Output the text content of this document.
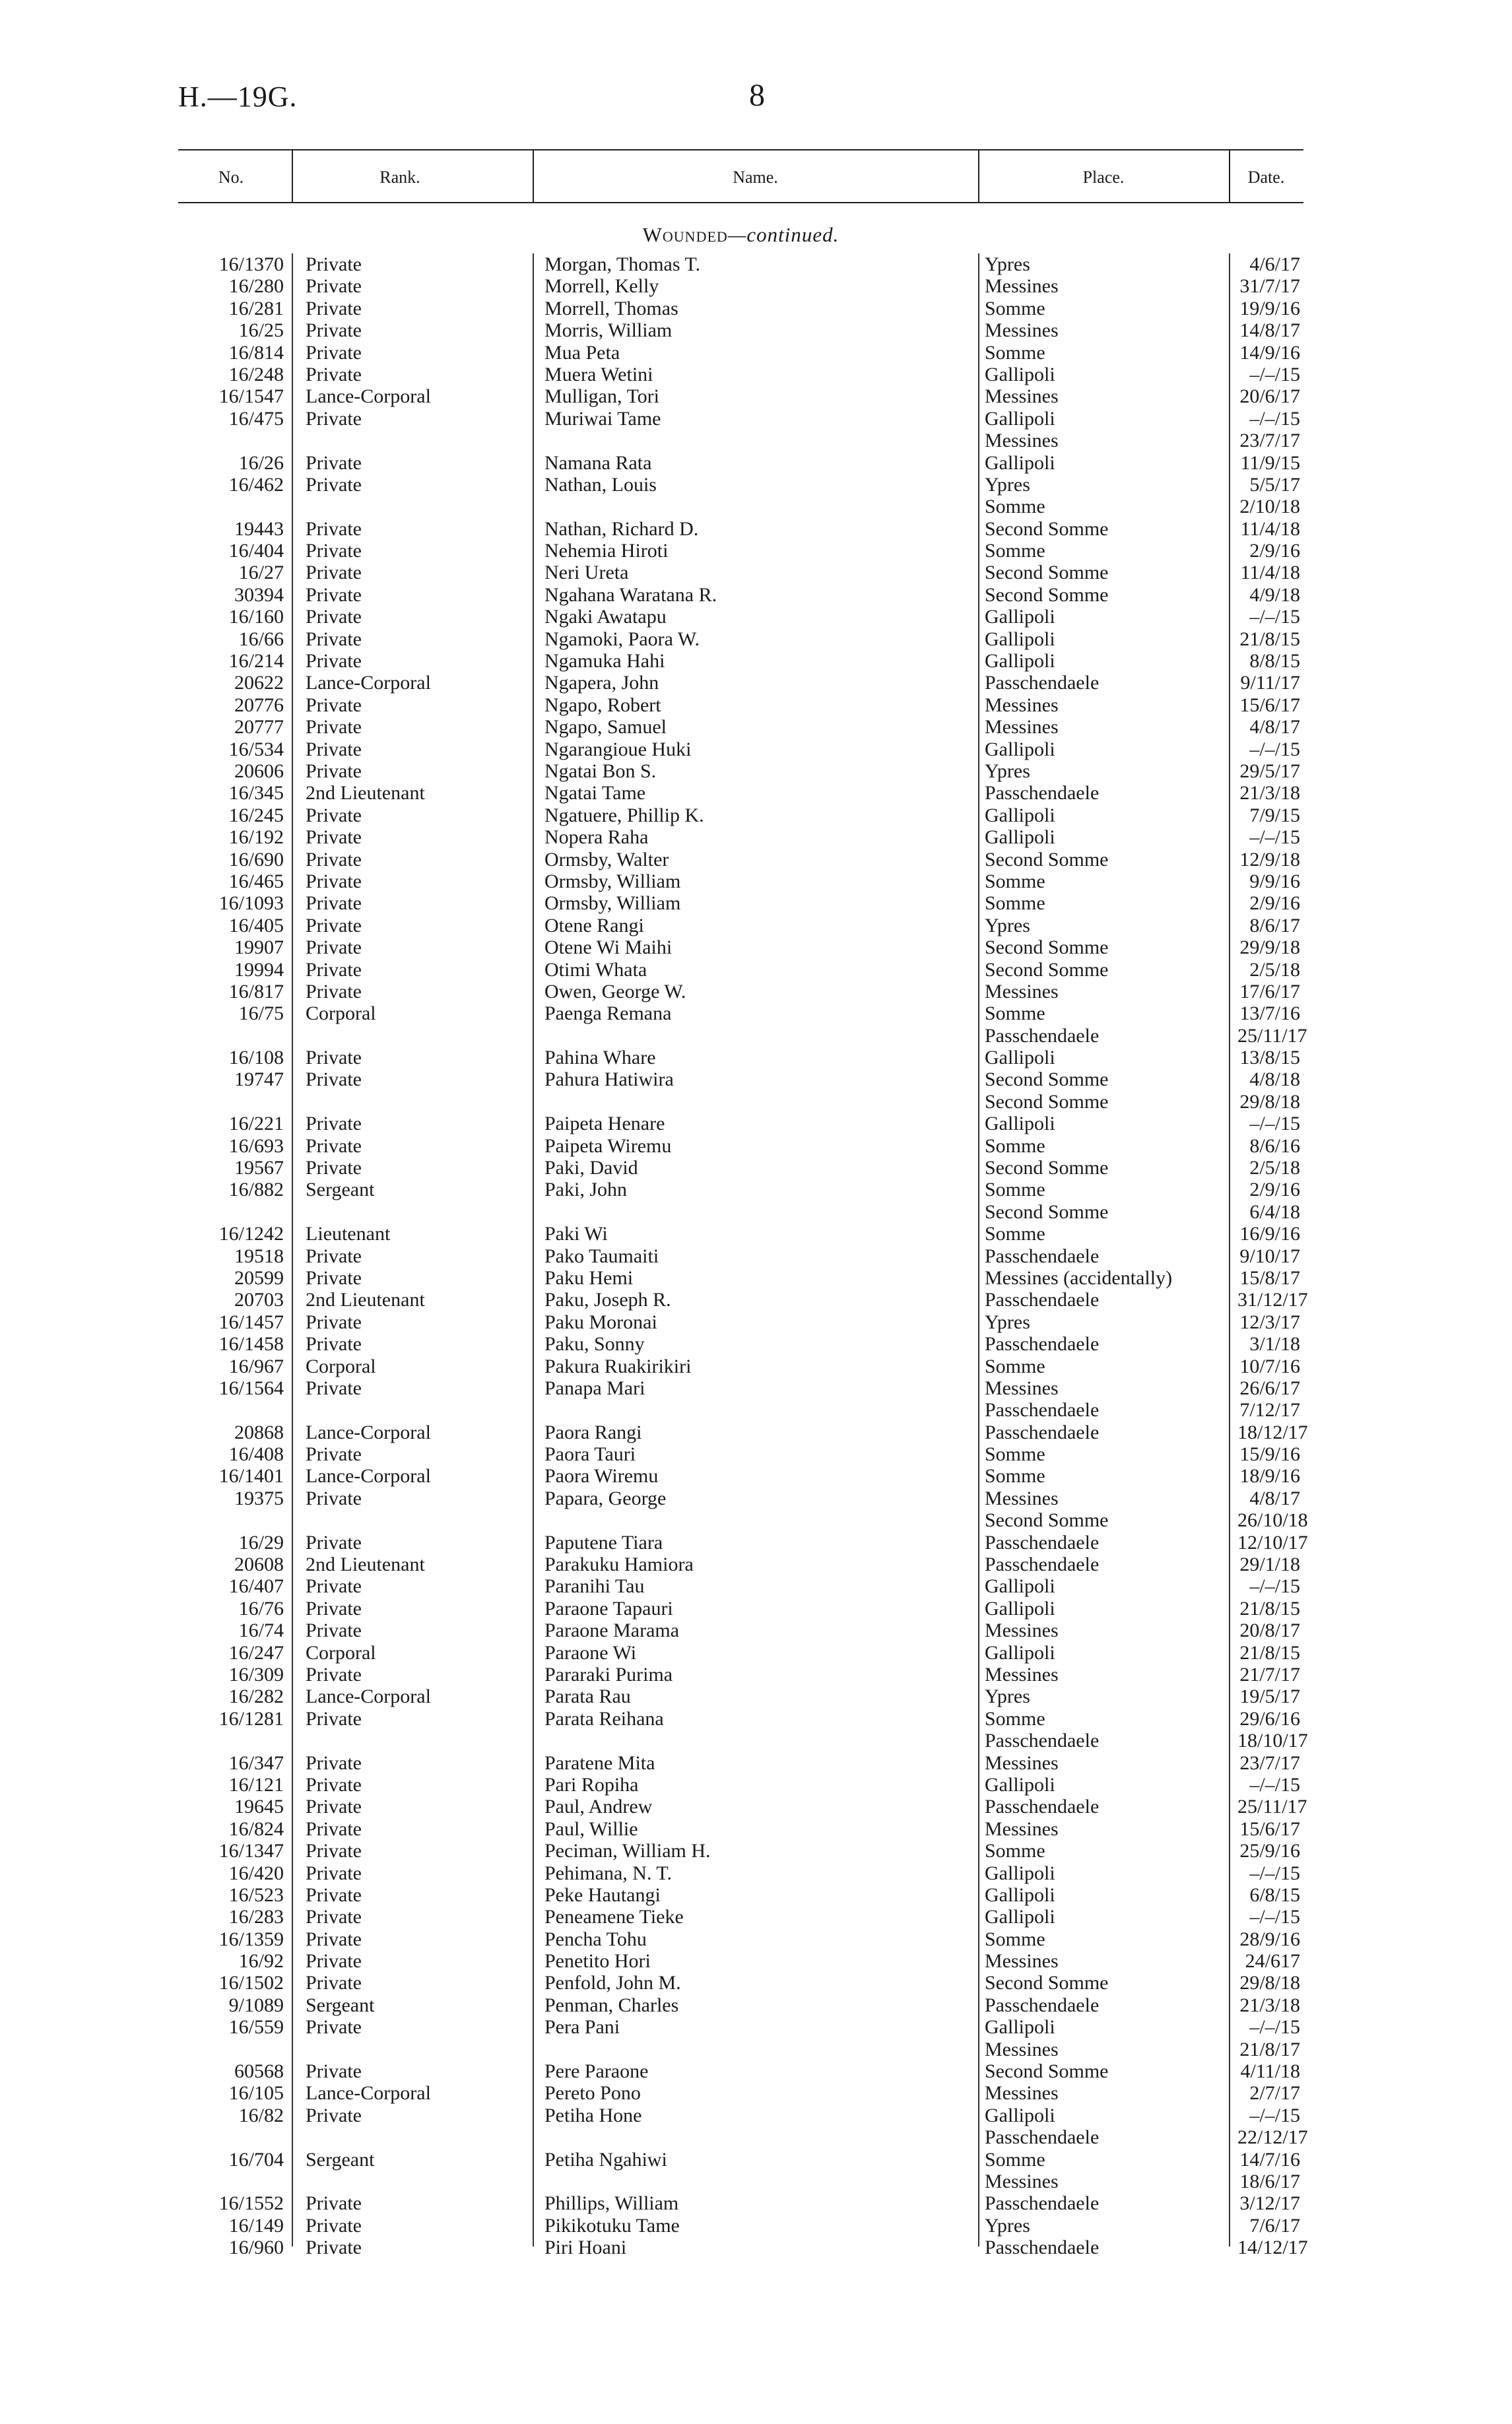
H.—19G.	8
No.	Rank.	Name.	Place.	Date.
Wounded—continued.
16/1370 Private	Morgan, Thomas T.	Ypres	4/6/17
16/280 Private	Morrell, Kelly	Messines	31/7/17
16/281 Private	Morrell, Thomas	Somme	19/9/16
16/25 Private	Morris, William	Messines	14/8/17
16/814 Private	Mua Peta	Somme	14/9/16
16/248 Private	Muera Wetini	Gallipoli	–/–/15
16/1547 Lance-Corporal	Mulligan, Tori	Messines	20/6/17
16/475 Private	Muriwai Tame	Gallipoli	–/–/15
Messines	23/7/17
16/26 Private	Namana Rata	Gallipoli	11/9/15
16/462 Private	Nathan, Louis	Ypres	5/5/17
Somme	2/10/18
19443 Private	Nathan, Richard D.	Second Somme	11/4/18
16/404 Private	Nehemia Hiroti	Somme	2/9/16
16/27 Private	Neri Ureta	Second Somme	11/4/18
30394 Private	Ngahana Waratana R.	Second Somme	4/9/18
16/160 Private	Ngaki Awatapu	Gallipoli	–/–/15
16/66 Private	Ngamoki, Paora W.	Gallipoli	21/8/15
16/214 Private	Ngamuka Hahi	Gallipoli	8/8/15
20622 Lance-Corporal	Ngapera, John	Passchendaele	9/11/17
20776 Private	Ngapo, Robert	Messines	15/6/17
20777 Private	Ngapo, Samuel	Messines	4/8/17
16/534 Private	Ngarangioue Huki	Gallipoli	–/–/15
20606 Private	Ngatai Bon S.	Ypres	29/5/17
16/345 2nd Lieutenant	Ngatai Tame	Passchendaele	21/3/18
16/245 Private	Ngatuere, Phillip K.	Gallipoli	7/9/15
16/192 Private	Nopera Raha	Gallipoli	–/–/15
16/690 Private	Ormsby, Walter	Second Somme	12/9/18
16/465 Private	Ormsby, William	Somme	9/9/16
16/1093 Private	Ormsby, William	Somme	2/9/16
16/405 Private	Otene Rangi	Ypres	8/6/17
19907 Private	Otene Wi Maihi	Second Somme	29/9/18
19994 Private	Otimi Whata	Second Somme	2/5/18
16/817 Private	Owen, George W.	Messines	17/6/17
16/75 Corporal	Paenga Remana	Somme	13/7/16
Passchendaele	25/11/17
16/108 Private	Pahina Whare	Gallipoli	13/8/15
19747 Private	Pahura Hatiwira	Second Somme	4/8/18
Second Somme	29/8/18
16/221 Private	Paipeta Henare	Gallipoli	–/–/15
16/693 Private	Paipeta Wiremu	Somme	8/6/16
19567 Private	Paki, David	Second Somme	2/5/18
16/882 Sergeant	Paki, John	Somme	2/9/16
Second Somme	6/4/18
16/1242 Lieutenant	Paki Wi	Somme	16/9/16
19518 Private	Pako Taumaiti	Passchendaele	9/10/17
20599 Private	Paku Hemi	Messines (accidentally)	15/8/17
20703 2nd Lieutenant	Paku, Joseph R.	Passchendaele	31/12/17
16/1457 Private	Paku Moronai	Ypres	12/3/17
16/1458 Private	Paku, Sonny	Passchendaele	3/1/18
16/967 Corporal	Pakura Ruakirikiri	Somme	10/7/16
16/1564 Private	Panapa Mari	Messines	26/6/17
Passchendaele	7/12/17
20868 Lance-Corporal	Paora Rangi	Passchendaele	18/12/17
16/408 Private	Paora Tauri	Somme	15/9/16
16/1401 Lance-Corporal	Paora Wiremu	Somme	18/9/16
19375 Private	Papara, George	Messines	4/8/17
Second Somme	26/10/18
16/29 Private	Paputene Tiara	Passchendaele	12/10/17
20608 2nd Lieutenant	Parakuku Hamiora	Passchendaele	29/1/18
16/407 Private	Paranihi Tau	Gallipoli	–/–/15
16/76 Private	Paraone Tapauri	Gallipoli	21/8/15
16/74 Private	Paraone Marama	Messines	20/8/17
16/247 Corporal	Paraone Wi	Gallipoli	21/8/15
16/309 Private	Pararaki Purima	Messines	21/7/17
16/282 Lance-Corporal	Parata Rau	Ypres	19/5/17
16/1281 Private	Parata Reihana	Somme	29/6/16
Passchendaele	18/10/17
16/347 Private	Paratene Mita	Messines	23/7/17
16/121 Private	Pari Ropiha	Gallipoli	–/–/15
19645 Private	Paul, Andrew	Passchendaele	25/11/17
16/824 Private	Paul, Willie	Messines	15/6/17
16/1347 Private	Peciman, William H.	Somme	25/9/16
16/420 Private	Pehimana, N. T.	Gallipoli	–/–/15
16/523 Private	Peke Hautangi	Gallipoli	6/8/15
16/283 Private	Peneamene Tieke	Gallipoli	–/–/15
16/1359 Private	Pencha Tohu	Somme	28/9/16
16/92 Private	Penetito Hori	Messines	24/617
16/1502 Private	Penfold, John M.	Second Somme	29/8/18
9/1089 Sergeant	Penman, Charles	Passchendaele	21/3/18
16/559 Private	Pera Pani	Gallipoli	–/–/15
Messines	21/8/17
60568 Private	Pere Paraone	Second Somme	4/11/18
16/105 Lance-Corporal	Pereto Pono	Messines	2/7/17
16/82 Private	Petiha Hone	Gallipoli	–/–/15
Passchendaele	22/12/17
16/704 Sergeant	Petiha Ngahiwi	Somme	14/7/16
Messines	18/6/17
16/1552 Private	Phillips, William	Passchendaele	3/12/17
16/149 Private	Pikikotuku Tame	Ypres	7/6/17
16/960 Private	Piri Hoani	Passchendaele	14/12/17
